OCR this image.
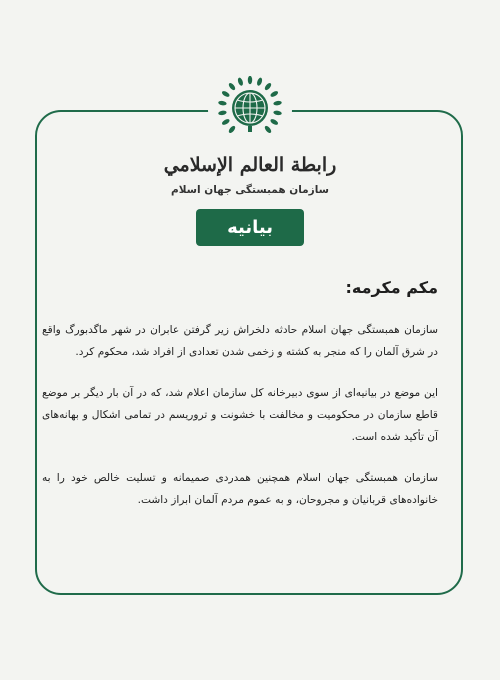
رابطة العالم الإسلامي
سازمان همبستگی جهان اسلام
بیانیه

مکم مکرمه:

سازمان همبستگی جهان اسلام حادثه دلخراش زیر گرفتن عابران در شهر ماگدبورگ واقع در شرق آلمان را که منجر به کشته و زخمی شدن تعدادی از افراد شد، محکوم کرد.

این موضع در بیانیه‌ای از سوی دبیرخانه کل سازمان اعلام شد، که در آن بار دیگر بر موضع قاطع سازمان در محکومیت و مخالفت با خشونت و تروریسم در تمامی اشکال و بهانه‌های آن تأکید شده است.

سازمان همبستگی جهان اسلام همچنین همدردی صمیمانه و تسلیت خالص خود را به خانواده‌های قربانیان و مجروحان، و به عموم مردم آلمان ابراز داشت.
